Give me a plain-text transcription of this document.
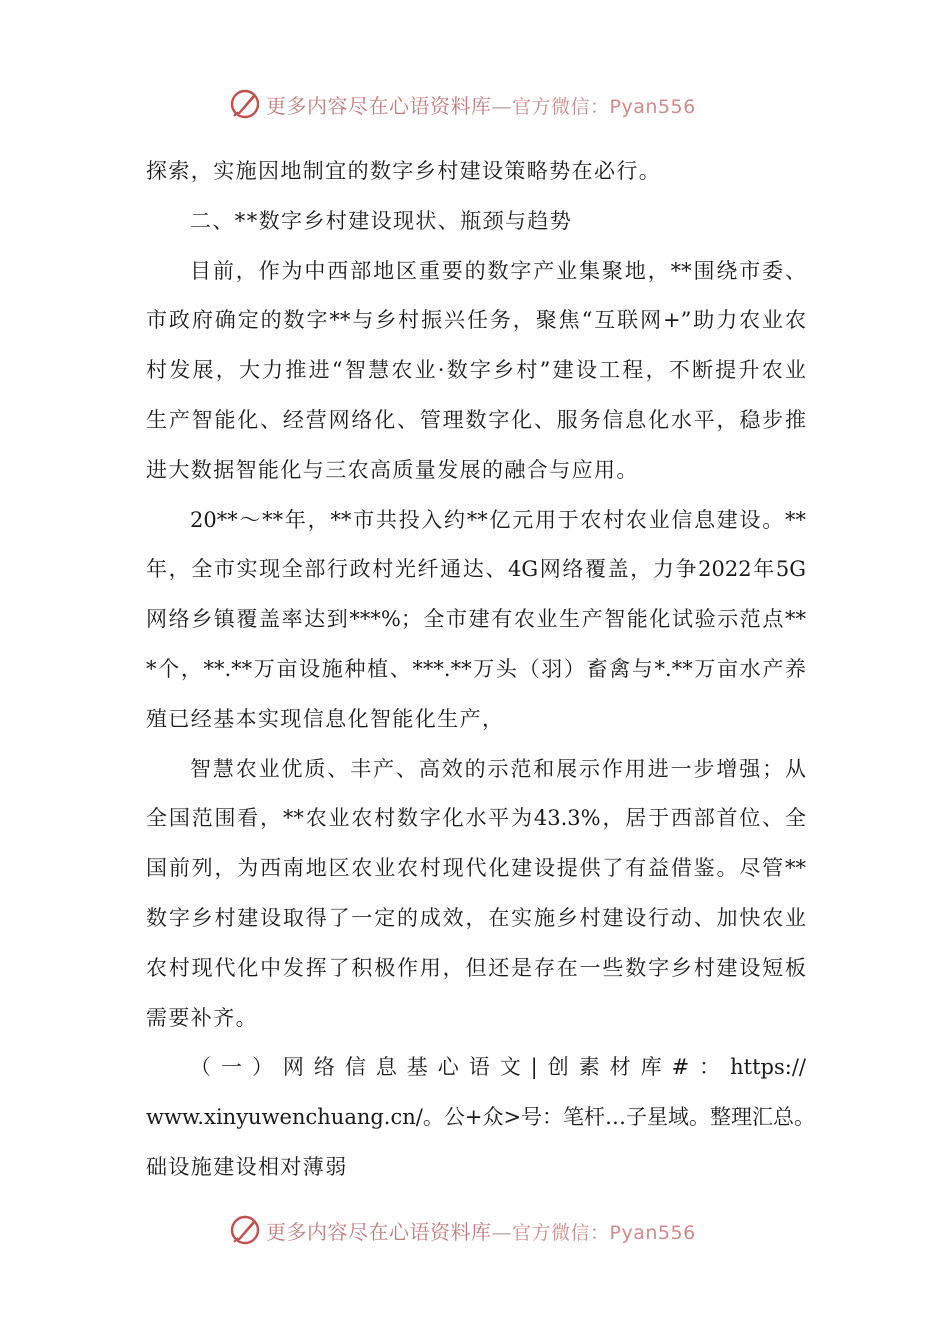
更多内容尽在心语资料库—官方微信：Pyan556
探索，实施因地制宜的数字乡村建设策略势在必行。
二、**数字乡村建设现状、瓶颈与趋势
目前，作为中西部地区重要的数字产业集聚地，**围绕市委、
市政府确定的数字**与乡村振兴任务，聚焦“互联网+”助力农业农
村发展，大力推进“智慧农业·数字乡村”建设工程，不断提升农业
生产智能化、经营网络化、管理数字化、服务信息化水平，稳步推
进大数据智能化与三农高质量发展的融合与应用。
20**～**年，**市共投入约**亿元用于农村农业信息建设。**
年，全市实现全部行政村光纤通达、4G网络覆盖，力争2022年5G
网络乡镇覆盖率达到***%；全市建有农业生产智能化试验示范点**
*个，**.**万亩设施种植、***.**万头（羽）畜禽与*.**万亩水产养
殖已经基本实现信息化智能化生产，
智慧农业优质、丰产、高效的示范和展示作用进一步增强；从
全国范围看，**农业农村数字化水平为43.3%，居于西部首位、全
国前列，为西南地区农业农村现代化建设提供了有益借鉴。尽管**
数字乡村建设取得了一定的成效，在实施乡村建设行动、加快农业
农村现代化中发挥了积极作用，但还是存在一些数字乡村建设短板
需要补齐。
（一）网络信息基心语文|创素材库#：https://
www.xinyuwenchuang.cn/。公+众>号：笔杆…子星域。整理汇总。
础设施建设相对薄弱
更多内容尽在心语资料库—官方微信：Pyan556
